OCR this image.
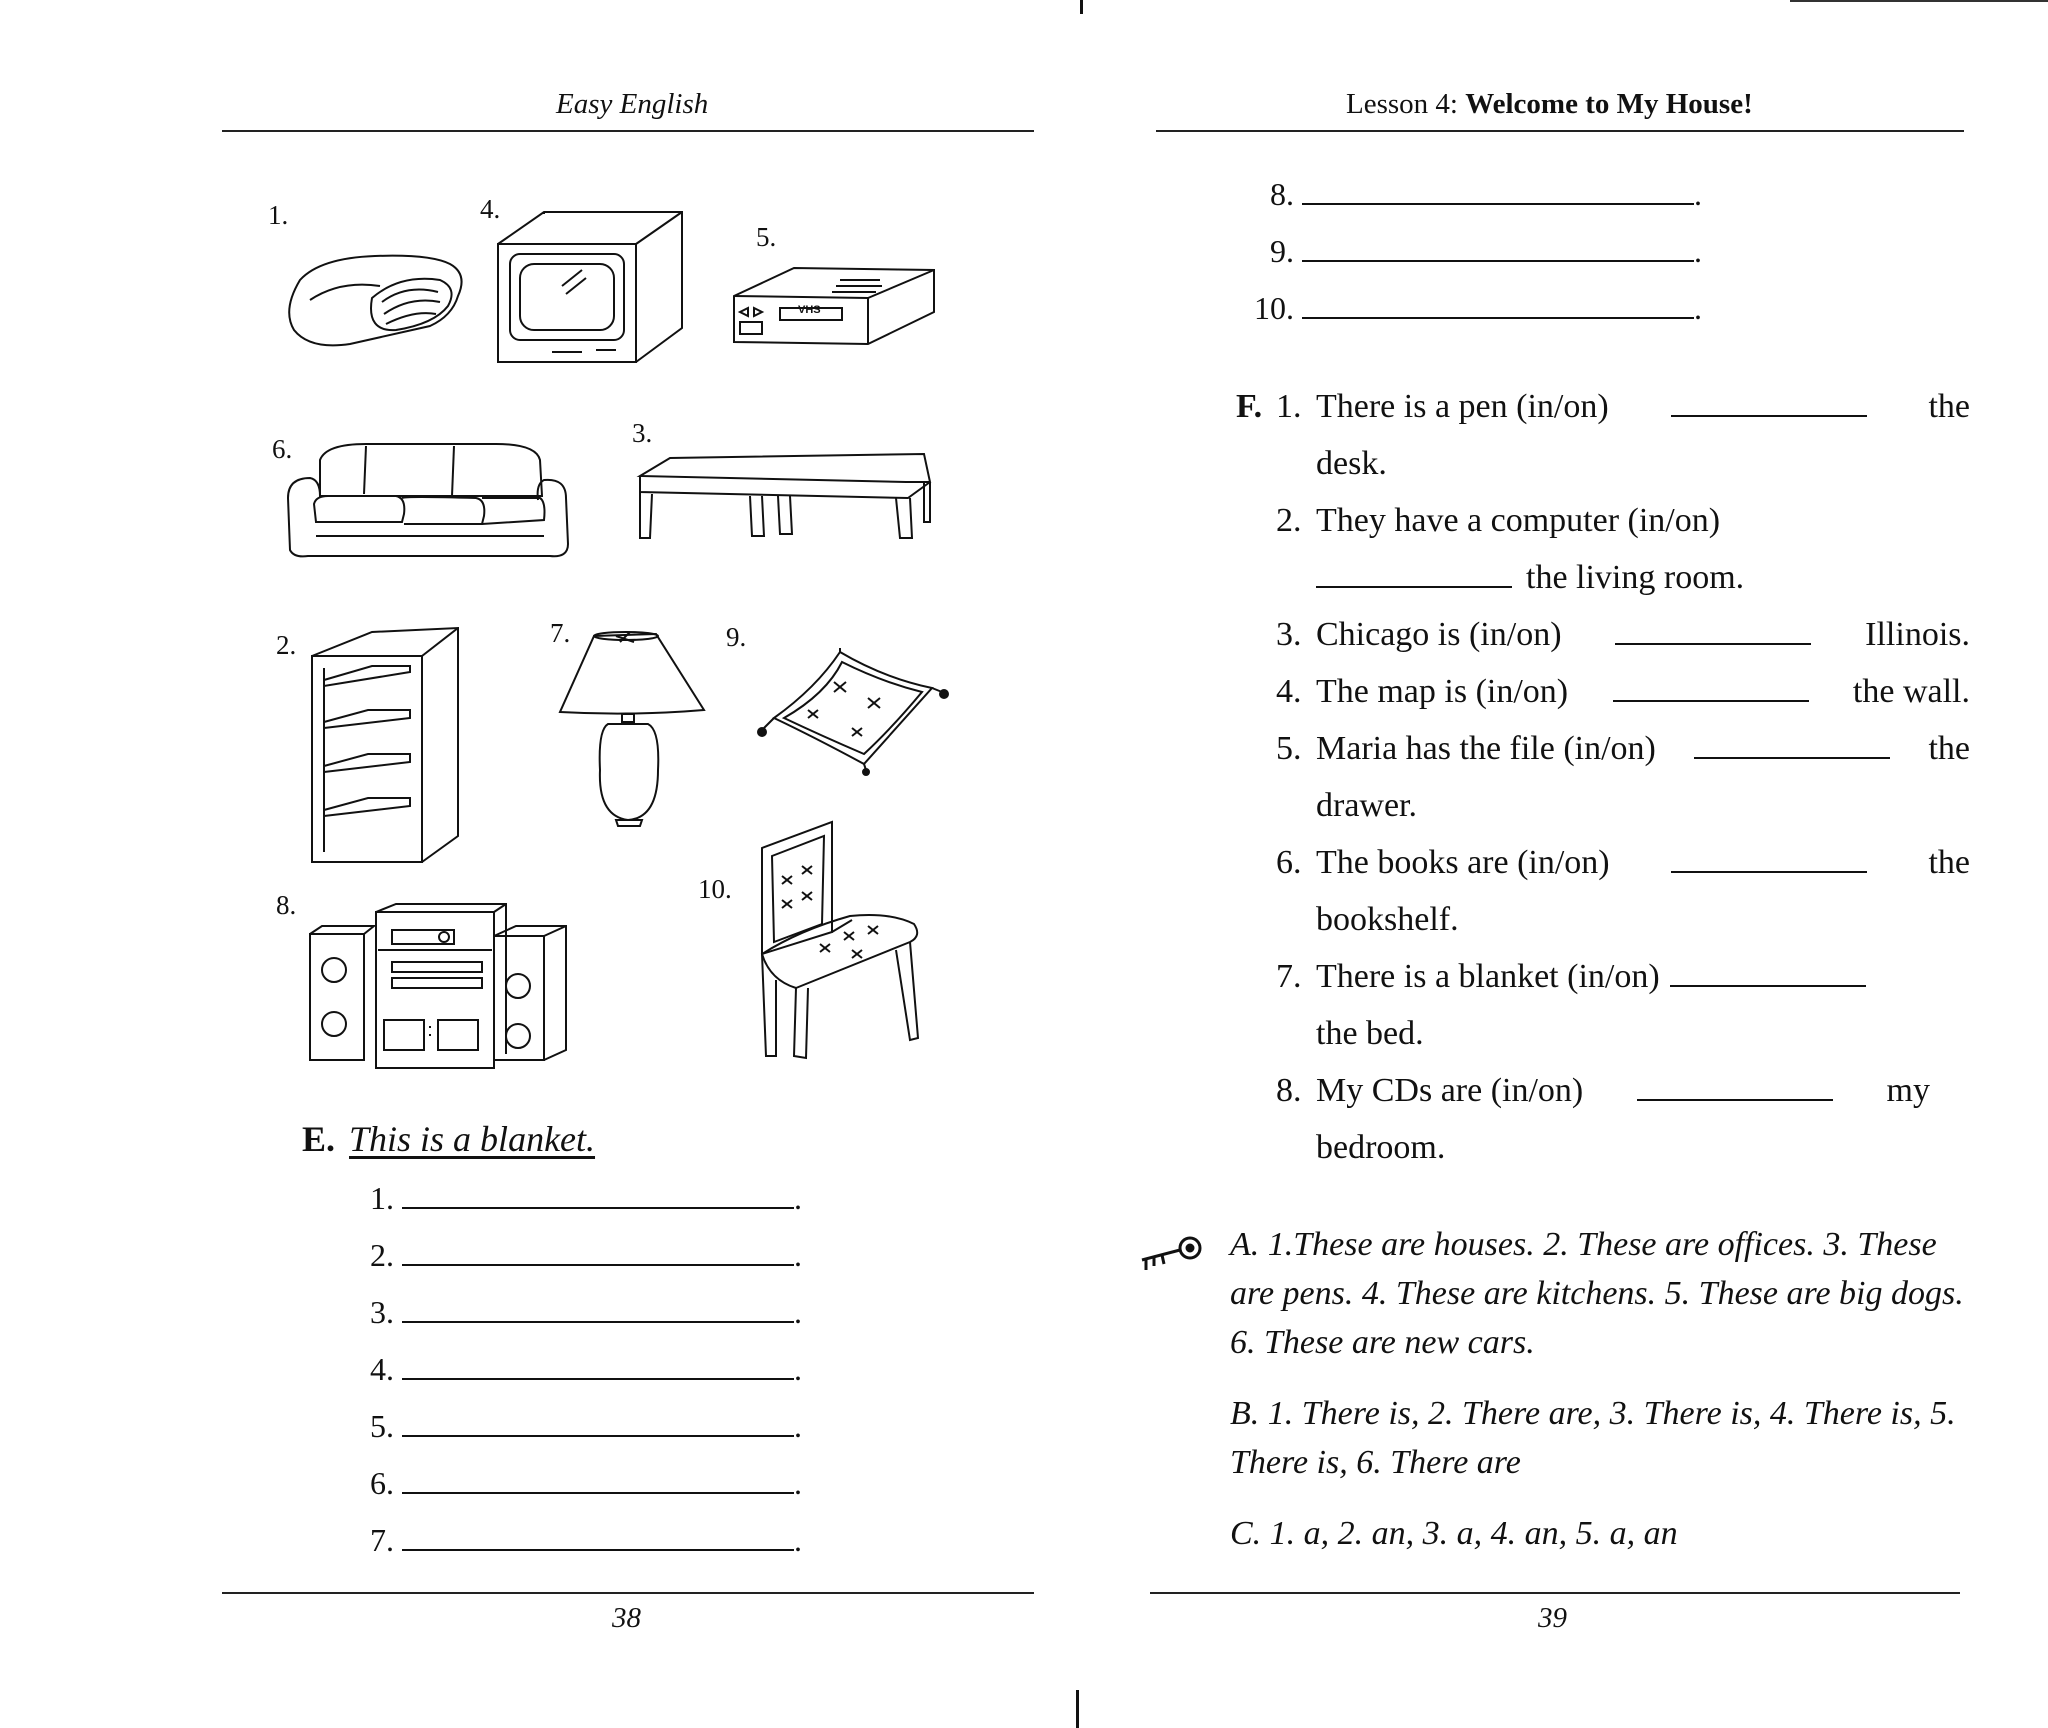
Easy English
1.	4.
5.
6.
3.
2.	7.	9.
8.
10.
VHS
E. This is a blanket.
1.	.
2.	.
3.	.
4.	.
5.	.
6.	.
7.	.
38
Lesson 4: Welcome to My House!
8.	.
9.	.
10.	.
F. 1. There is a pen (in/on)	the
desk.
2. They have a computer (in/on)
the living room.
3. Chicago is (in/on)	Illinois.
4. The map is (in/on)	the wall.
5. Maria has the file (in/on)	the
drawer.
6. The books are (in/on)	the
bookshelf.
7. There is a blanket (in/on)
the bed.
8. My CDs are (in/on)	my
bedroom.

A. 1.These are houses. 2. These are offices. 3. These are pens. 4. These are kitchens. 5. These are big dogs. 6. These are new cars.

B. 1. There is, 2. There are, 3. There is, 4. There is, 5. There is, 6. There are

C. 1. a, 2. an, 3. a, 4. an, 5. a, an

39
